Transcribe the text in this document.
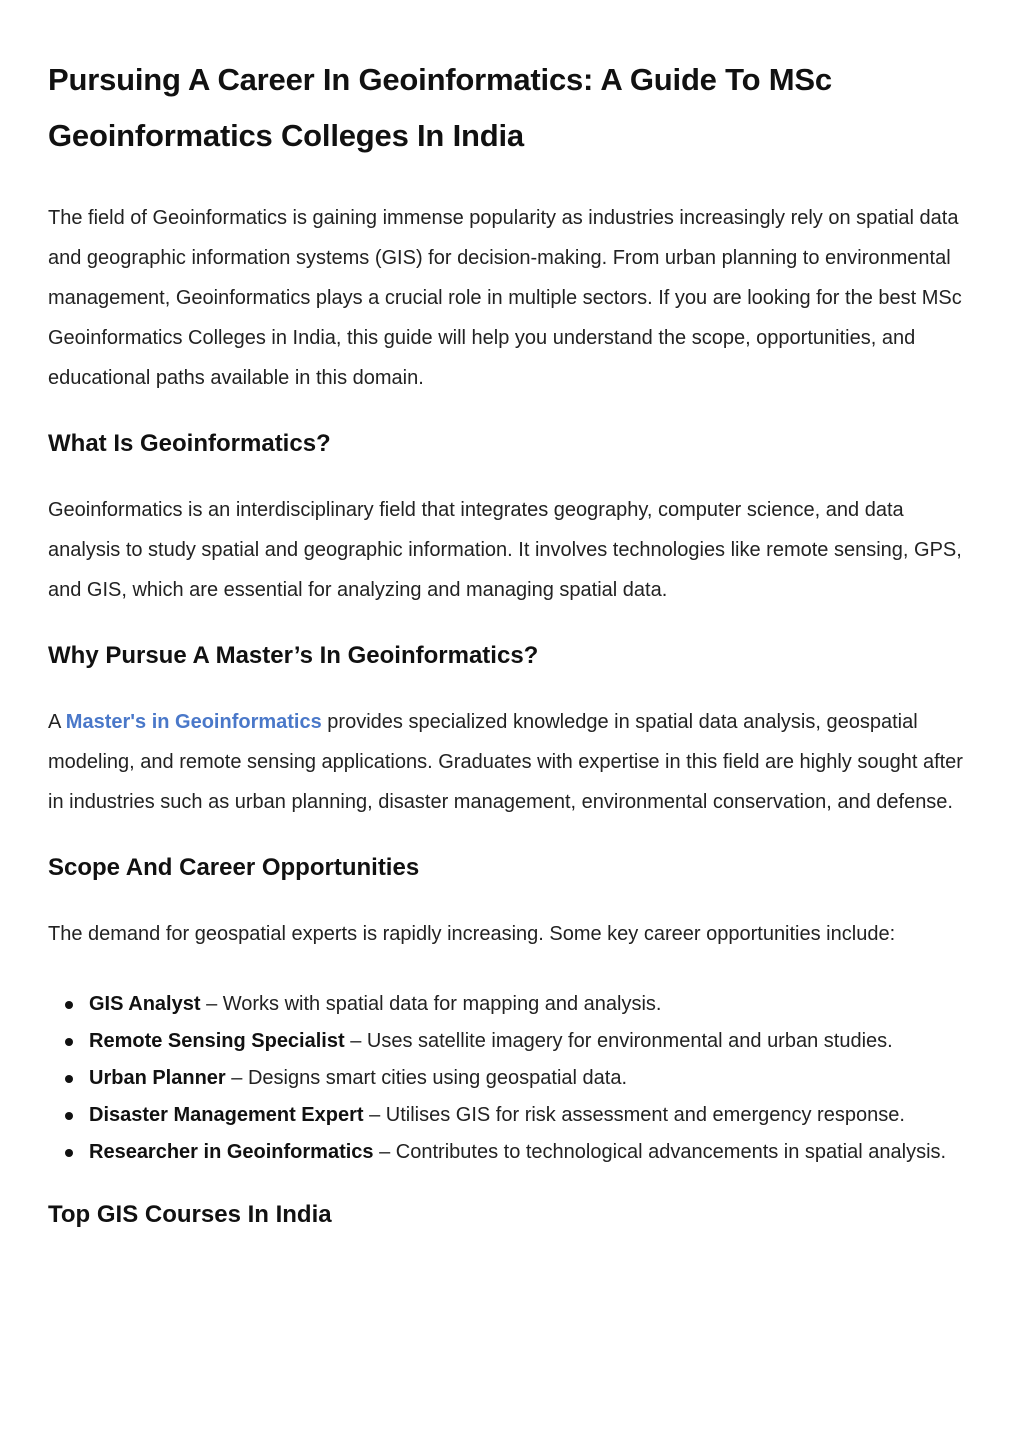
Pursuing A Career In Geoinformatics: A Guide To MSc Geoinformatics Colleges In India

The field of Geoinformatics is gaining immense popularity as industries increasingly rely on spatial data and geographic information systems (GIS) for decision-making. From urban planning to environmental management, Geoinformatics plays a crucial role in multiple sectors. If you are looking for the best MSc Geoinformatics Colleges in India, this guide will help you understand the scope, opportunities, and educational paths available in this domain.

What Is Geoinformatics?

Geoinformatics is an interdisciplinary field that integrates geography, computer science, and data analysis to study spatial and geographic information. It involves technologies like remote sensing, GPS, and GIS, which are essential for analyzing and managing spatial data.

Why Pursue A Master’s In Geoinformatics?

A Master's in Geoinformatics provides specialized knowledge in spatial data analysis, geospatial modeling, and remote sensing applications. Graduates with expertise in this field are highly sought after in industries such as urban planning, disaster management, environmental conservation, and defense.

Scope And Career Opportunities

The demand for geospatial experts is rapidly increasing. Some key career opportunities include:

GIS Analyst – Works with spatial data for mapping and analysis.
Remote Sensing Specialist – Uses satellite imagery for environmental and urban studies.
Urban Planner – Designs smart cities using geospatial data.
Disaster Management Expert – Utilises GIS for risk assessment and emergency response.
Researcher in Geoinformatics – Contributes to technological advancements in spatial analysis.
Top GIS Courses In India
